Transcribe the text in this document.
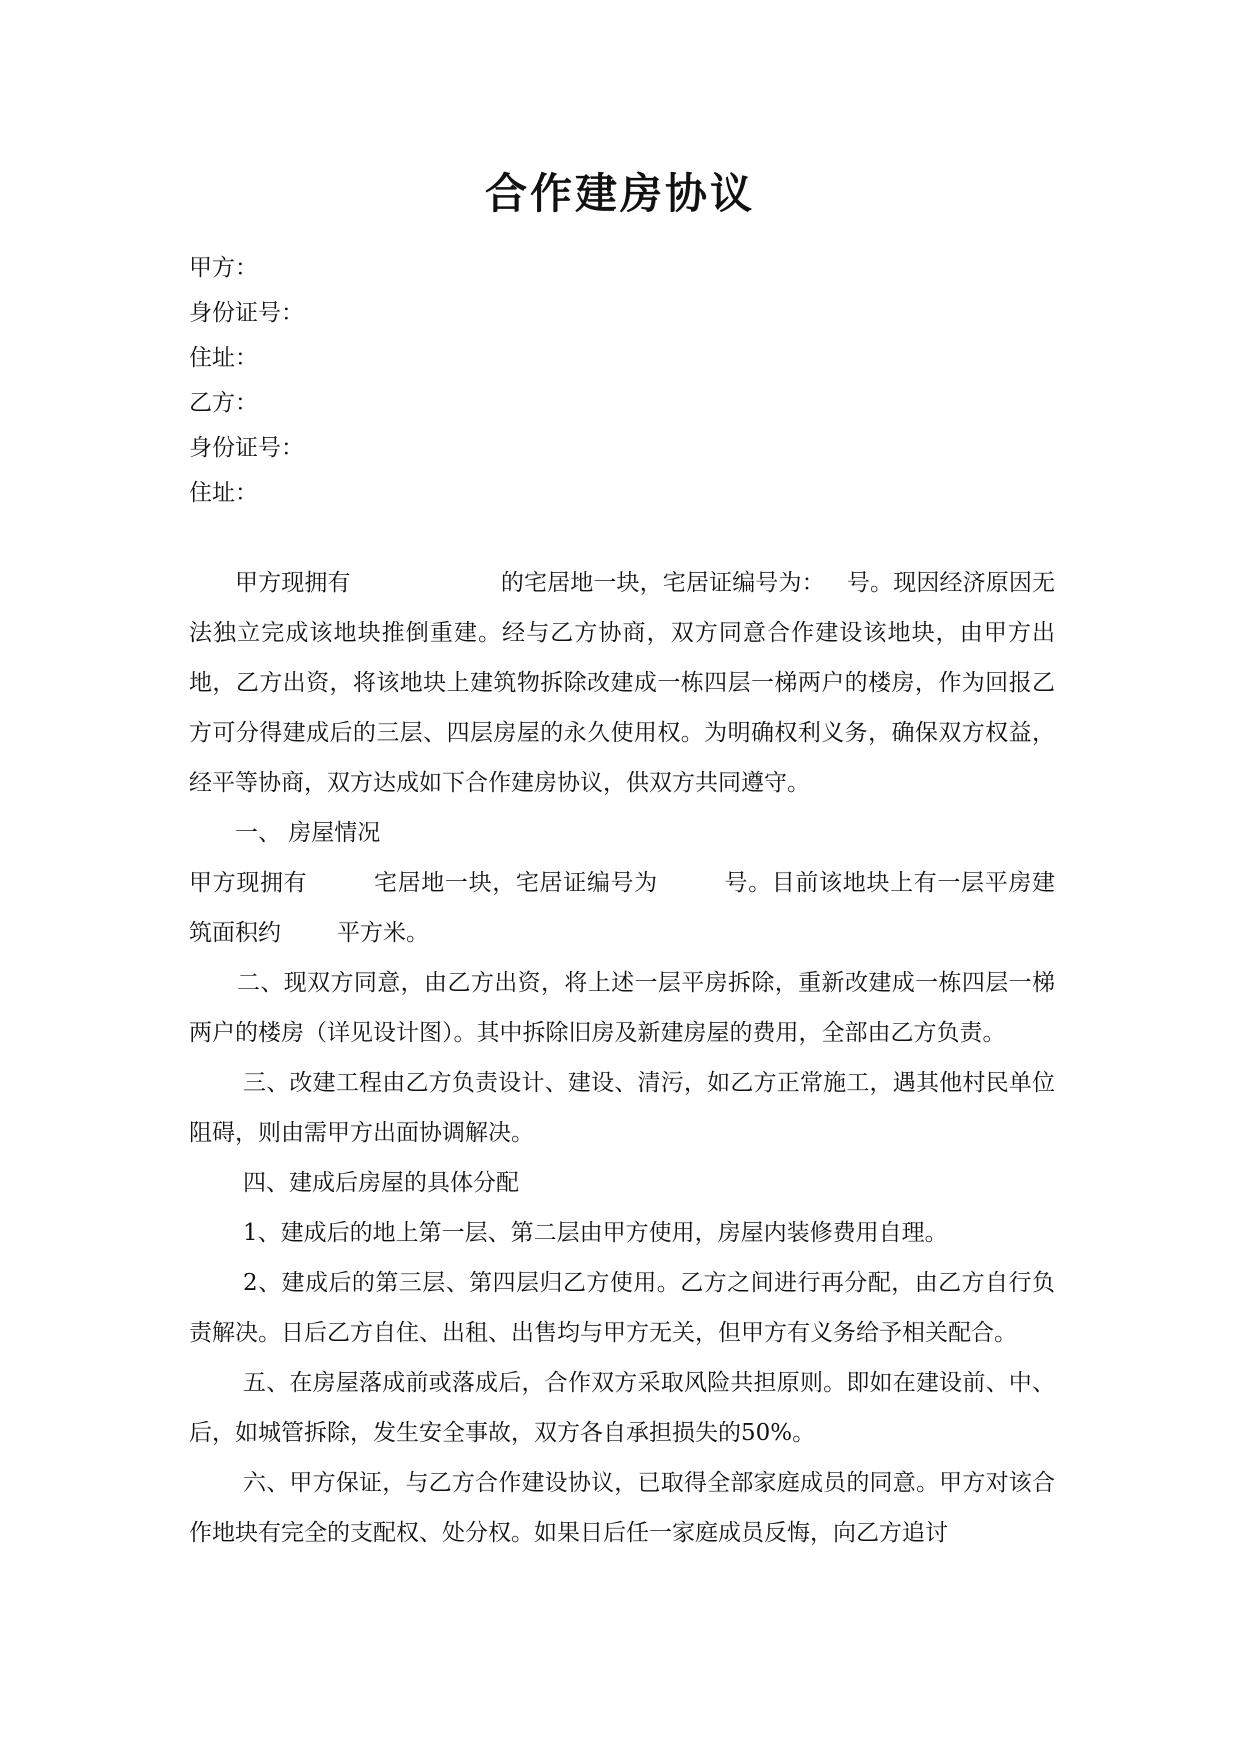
合作建房协议
甲方：
身份证号：
住址：
乙方：
身份证号：
住址：

甲方现拥有	的宅居地一块，宅居证编号为： 号。现因经济原因无法独立完成该地块推倒重建。经与乙方协商，双方同意合作建设该地块，由甲方出地，乙方出资，将该地块上建筑物拆除改建成一栋四层一梯两户的楼房，作为回报乙方可分得建成后的三层、四层房屋的永久使用权。为明确权利义务，确保双方权益，经平等协商，双方达成如下合作建房协议，供双方共同遵守。

一、 房屋情况

甲方现拥有	宅居地一块，宅居证编号为	号。目前该地块上有一层平房建筑面积约 平方米。

二、现双方同意，由乙方出资，将上述一层平房拆除，重新改建成一栋四层一梯两户的楼房（详见设计图）。其中拆除旧房及新建房屋的费用，全部由乙方负责。

三、改建工程由乙方负责设计、建设、清污，如乙方正常施工，遇其他村民单位阻碍，则由需甲方出面协调解决。

四、建成后房屋的具体分配

1、建成后的地上第一层、第二层由甲方使用，房屋内装修费用自理。

2、建成后的第三层、第四层归乙方使用。乙方之间进行再分配，由乙方自行负责解决。日后乙方自住、出租、出售均与甲方无关，但甲方有义务给予相关配合。

五、在房屋落成前或落成后，合作双方采取风险共担原则。即如在建设前、中、后，如城管拆除，发生安全事故，双方各自承担损失的50%。

六、甲方保证，与乙方合作建设协议，已取得全部家庭成员的同意。甲方对该合作地块有完全的支配权、处分权。如果日后任一家庭成员反悔，向乙方追讨
